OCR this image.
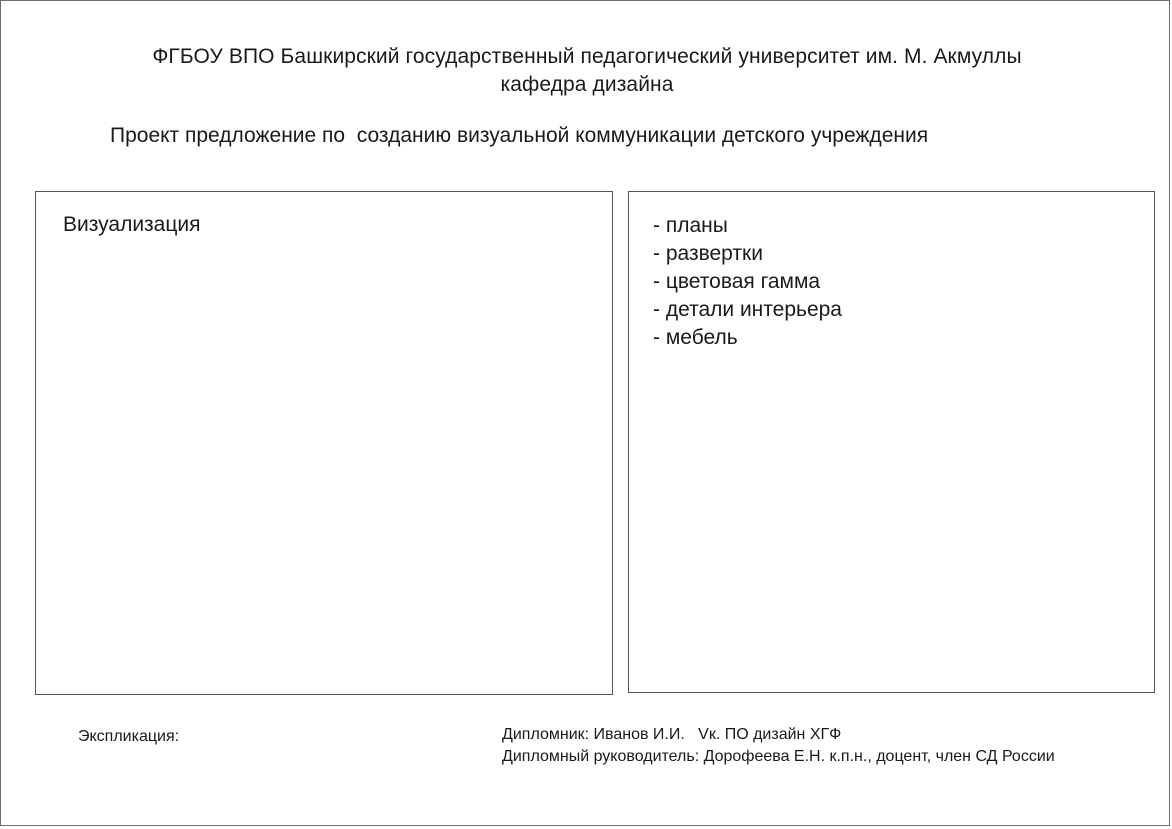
ФГБОУ ВПО Башкирский государственный педагогический университет им. М. Акмуллы
кафедра дизайна
Проект предложение по  созданию визуальной коммуникации детского учреждения
Визуализация	- планы
- развертки
- цветовая гамма
- детали интерьера
- мебель
Экспликация:	Дипломник: Иванов И.И.   Vк. ПО дизайн ХГФ
Дипломный руководитель: Дорофеева Е.Н. к.п.н., доцент, член СД России
